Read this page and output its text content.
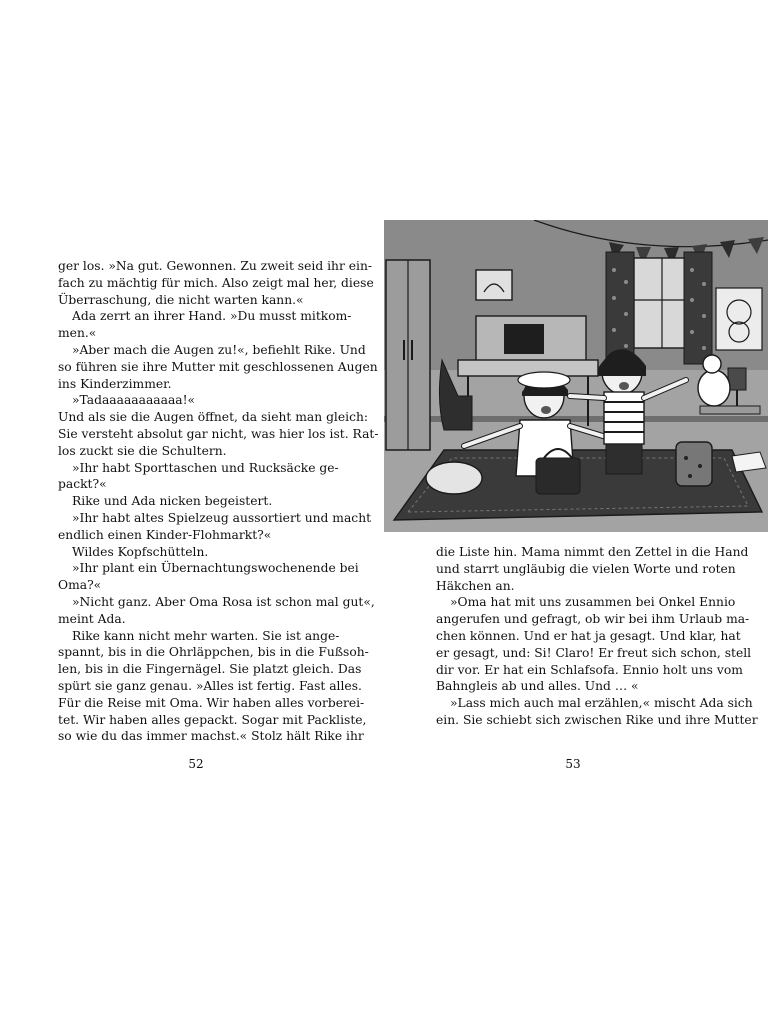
ger los. »Na gut. Gewonnen. Zu zweit seid ihr ein-
fach zu mächtig für mich. Also zeigt mal her, diese
Überraschung, die nicht warten kann.«
Ada zerrt an ihrer Hand. »Du musst mitkom-
men.«
»Aber mach die Augen zu!«, befiehlt Rike. Und
so führen sie ihre Mutter mit geschlossenen Augen
ins Kinderzimmer.
»Tadaaaaaaaaaaa!«
Und als sie die Augen öffnet, da sieht man gleich:
Sie versteht absolut gar nicht, was hier los ist. Rat-
los zuckt sie die Schultern.
»Ihr habt Sporttaschen und Rucksäcke ge-
packt?«
Rike und Ada nicken begeistert.
»Ihr habt altes Spielzeug aussortiert und macht
endlich einen Kinder-Flohmarkt?«
Wildes Kopfschütteln.
»Ihr plant ein Übernachtungswochenende bei
Oma?«
»Nicht ganz. Aber Oma Rosa ist schon mal gut«,
meint Ada.
Rike kann nicht mehr warten. Sie ist ange-
spannt, bis in die Ohrläppchen, bis in die Fußsoh-
len, bis in die Fingernägel. Sie platzt gleich. Das
spürt sie ganz genau. »Alles ist fertig. Fast alles.
Für die Reise mit Oma. Wir haben alles vorberei-
tet. Wir haben alles gepackt. Sogar mit Packliste,
so wie du das immer machst.« Stolz hält Rike ihr
52
die Liste hin. Mama nimmt den Zettel in die Hand
und starrt ungläubig die vielen Worte und roten
Häkchen an.
»Oma hat mit uns zusammen bei Onkel Ennio
angerufen und gefragt, ob wir bei ihm Urlaub ma-
chen können. Und er hat ja gesagt. Und klar, hat
er gesagt, und: Si! Claro! Er freut sich schon, stell
dir vor. Er hat ein Schlafsofa. Ennio holt uns vom
Bahngleis ab und alles. Und … «
»Lass mich auch mal erzählen,« mischt Ada sich
ein. Sie schiebt sich zwischen Rike und ihre Mutter
53
